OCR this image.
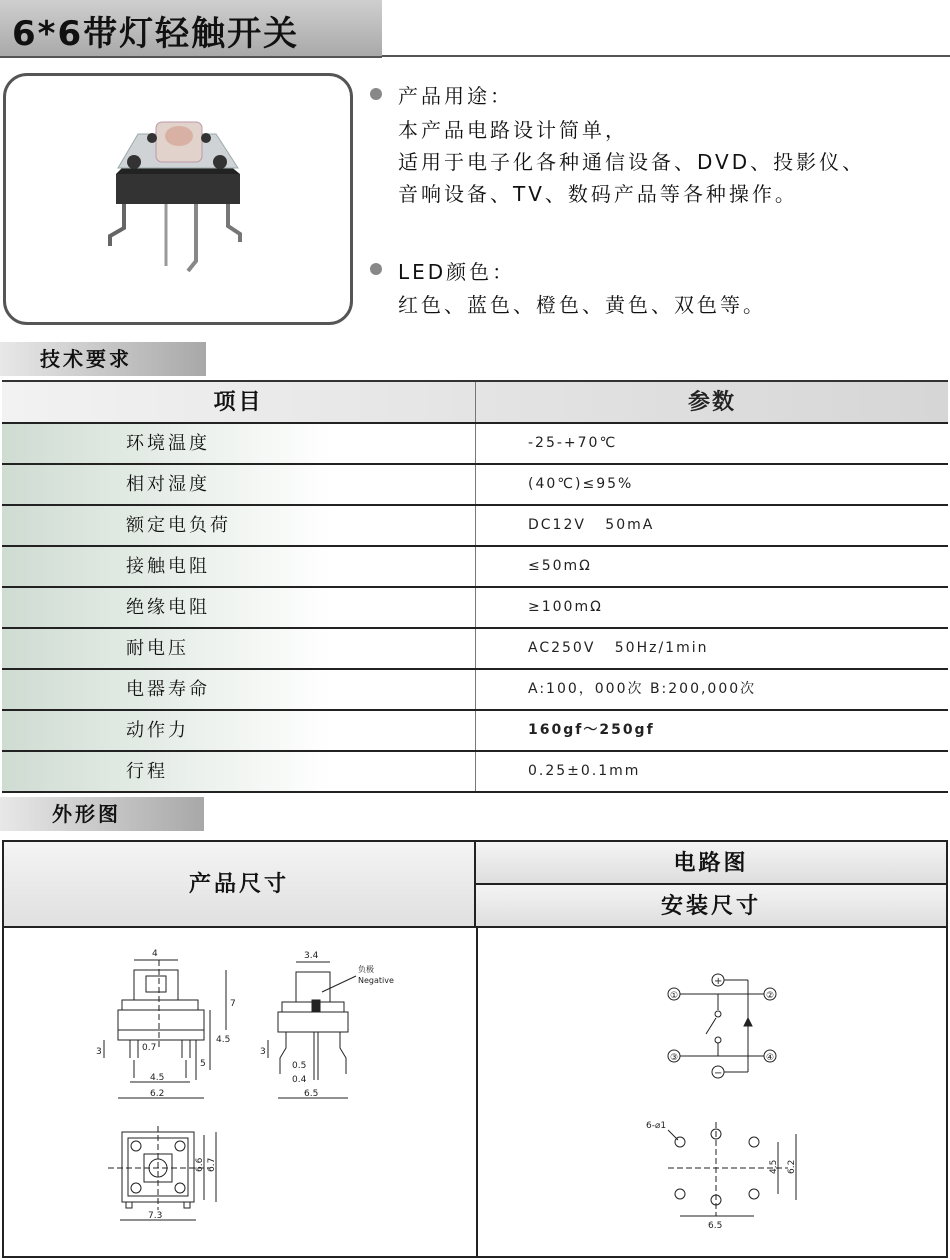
6*6带灯轻触开关
产品用途：
本产品电路设计简单，
适用于电子化各种通信设备、DVD、投影仪、
音响设备、TV、数码产品等各种操作。
LED颜色：
红色、蓝色、橙色、黄色、双色等。
技术要求
项目	参数
环境温度	-25-+70℃
相对湿度	(40℃)≤95%
额定电负荷	DC12V   50mA
接触电阻	≤50mΩ
绝缘电阻	≥100mΩ
耐电压	AC250V   50Hz/1min
电器寿命	A:100，000次 B:200,000次
动作力	160gf～250gf
行程	0.25±0.1mm
外形图
产品尺寸
电路图
安装尺寸
4
4.5
7
0.7
3
4.5
6.2
5
3.4
负极
Negative
3
0.5
0.4
6.5
6.6 6.7
7.3
①	②
③	④
+
−
6-⌀1
4.5 6.2
6.5
